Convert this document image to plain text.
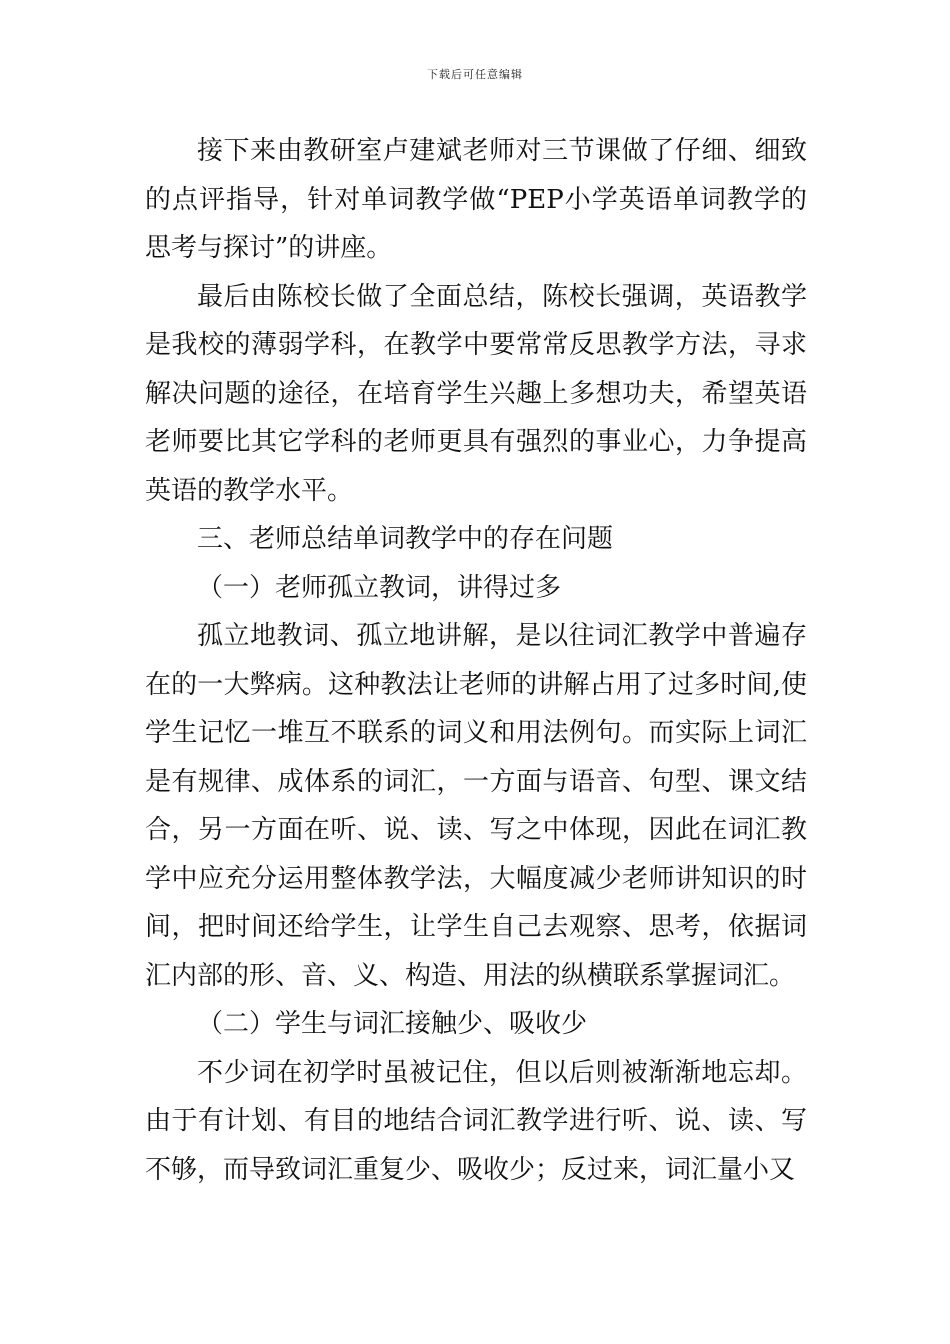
下载后可任意编辑

接下来由教研室卢建斌老师对三节课做了仔细、细致的点评指导，针对单词教学做“PEP小学英语单词教学的思考与探讨”的讲座。

最后由陈校长做了全面总结，陈校长强调，英语教学是我校的薄弱学科，在教学中要常常反思教学方法，寻求解决问题的途径，在培育学生兴趣上多想功夫，希望英语老师要比其它学科的老师更具有强烈的事业心，力争提高英语的教学水平。

三、老师总结单词教学中的存在问题

（一）老师孤立教词，讲得过多

孤立地教词、孤立地讲解，是以往词汇教学中普遍存在的一大弊病。这种教法让老师的讲解占用了过多时间,使学生记忆一堆互不联系的词义和用法例句。而实际上词汇是有规律、成体系的词汇，一方面与语音、句型、课文结合，另一方面在听、说、读、写之中体现，因此在词汇教学中应充分运用整体教学法，大幅度减少老师讲知识的时间，把时间还给学生，让学生自己去观察、思考，依据词汇内部的形、音、义、构造、用法的纵横联系掌握词汇。

（二）学生与词汇接触少、吸收少

不少词在初学时虽被记住，但以后则被渐渐地忘却。由于有计划、有目的地结合词汇教学进行听、说、读、写不够，而导致词汇重复少、吸收少；反过来，词汇量小又
